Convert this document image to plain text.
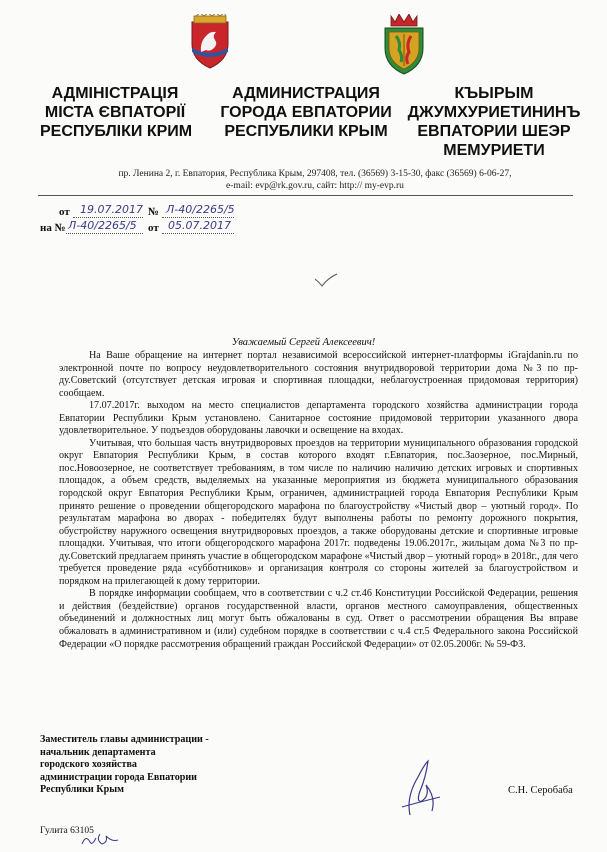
АДМІНІСТРАЦІЯ
МІСТА ЄВПАТОРІЇ
РЕСПУБЛІКИ КРИМ
АДМИНИСТРАЦИЯ
ГОРОДА ЕВПАТОРИИ
РЕСПУБЛИКИ КРЫМ
КЪЫРЫМ
ДЖУМХУРИЕТИНИНЪ
ЕВПАТОРИИ ШЕЭР
МЕМУРИЕТИ
пр. Ленина 2, г. Евпатория, Республика Крым, 297408, тел. (36569) 3-15-30, факс (36569) 6-06-27,
e-mail: evp@rk.gov.ru, сайт: http:// my-evp.ru
от 19.07.2017 № Л-40/2265/5
на № Л-40/2265/5 от 05.07.2017
Уважаемый Сергей Алексеевич!

На Ваше обращение на интернет портал независимой всероссийской интернет-платформы iGrajdanin.ru по электронной почте по вопросу неудовлетворительного состояния внутридворовой территории дома №3 по пр-ду.Советский (отсутствует детская игровая и спортивная площадки, неблагоустроенная придомовая территория) сообщаем.

17.07.2017г. выходом на место специалистов департамента городского хозяйства администрации города Евпатории Республики Крым установлено. Санитарное состояние придомовой территории указанного двора удовлетворительное. У подъездов оборудованы лавочки и освещение на входах.

Учитывая, что большая часть внутридворовых проездов на территории муниципального образования городской округ Евпатория Республики Крым, в состав которого входят г.Евпатория, пос.Заозерное, пос.Мирный, пос.Новоозерное, не соответствует требованиям, в том числе по наличию наличию детских игровых и спортивных площадок, а объем средств, выделяемых на указанные мероприятия из бюджета муниципального образования городской округ Евпатория Республики Крым, ограничен, администрацией города Евпатория Республики Крым принято решение о проведении общегородского марафона по благоустройству «Чистый двор – уютный город». По результатам марафона во дворах - победителях будут выполнены работы по ремонту дорожного покрытия, обустройству наружного освещения внутридворовых проездов, а также оборудованы детские и спортивные игровые площадки. Учитывая, что итоги общегородского марафона 2017г. подведены 19.06.2017г., жильцам дома №3 по пр-ду.Советский предлагаем принять участие в общегородском марафоне «Чистый двор – уютный город» в 2018г., для чего требуется проведение ряда «субботников» и организация контроля со стороны жителей за благоустройством и порядком на прилегающей к дому территории.

В порядке информации сообщаем, что в соответствии с ч.2 ст.46 Конституции Российской Федерации, решения и действия (бездействие) органов государственной власти, органов местного самоуправления, общественных объединений и должностных лиц могут быть обжалованы в суд. Ответ о рассмотрении обращения Вы вправе обжаловать в административном и (или) судебном порядке в соответствии с ч.4 ст.5 Федерального закона Российской Федерации «О порядке рассмотрения обращений граждан Российской Федерации» от 02.05.2006г. № 59-ФЗ.

Заместитель главы администрации -
начальник департамента
городского хозяйства
администрации города Евпатории
Республики Крым	С.Н. Серобаба
Гулита 63105
